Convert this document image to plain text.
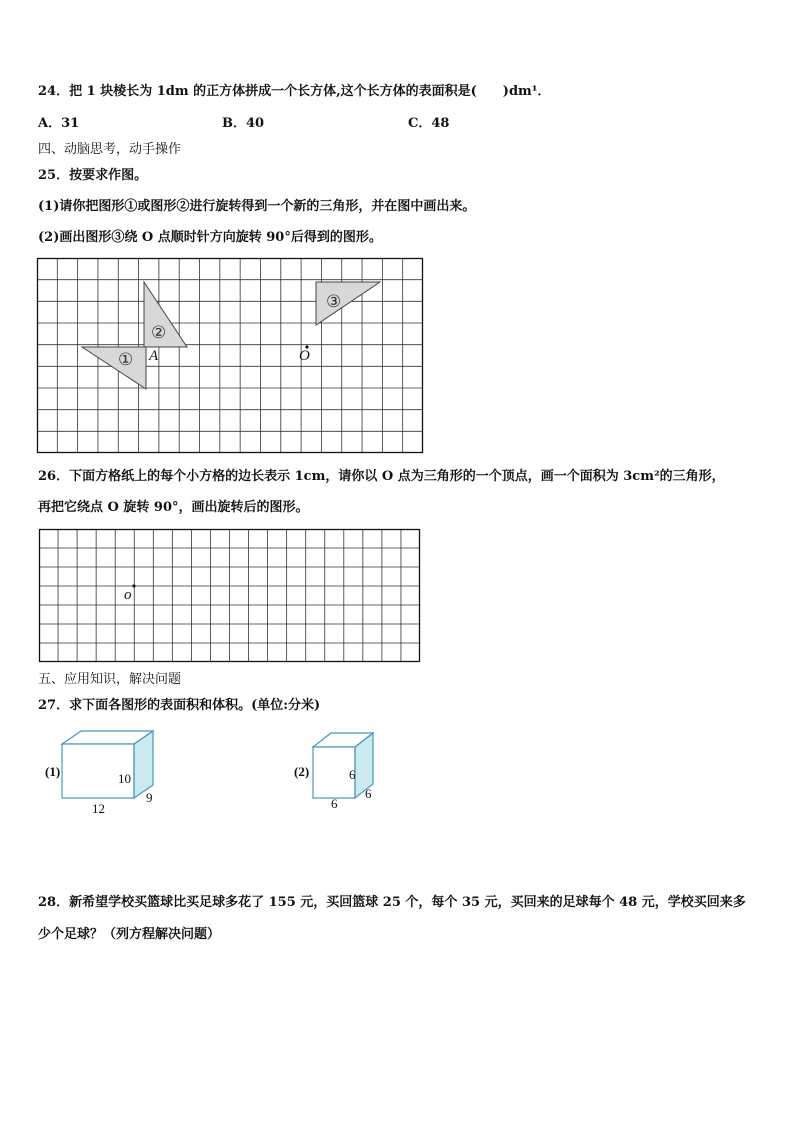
24．把 1 块棱长为 1dm 的正方体拼成一个长方体,这个长方体的表面积是(　　)dm¹．
A．31	B．40	C．48
四、动脑思考，动手操作
25．按要求作图。
(1)请你把图形①或图形②进行旋转得到一个新的三角形，并在图中画出来。
(2)画出图形③绕 O 点顺时针方向旋转 90°后得到的图形。
①
②
③
A	O
26．下面方格纸上的每个小方格的边长表示 1cm，请你以 O 点为三角形的一个顶点，画一个面积为 3cm²的三角形，
再把它绕点 O 旋转 90°，画出旋转后的图形。
o
五、应用知识，解决问题
27．求下面各图形的表面积和体积。(单位:分米)
(1)	10
9
12
(2)	6
6
6
28．新希望学校买篮球比买足球多花了 155 元，买回篮球 25 个，每个 35 元，买回来的足球每个 48 元，学校买回来多
少个足球？（列方程解决问题）
